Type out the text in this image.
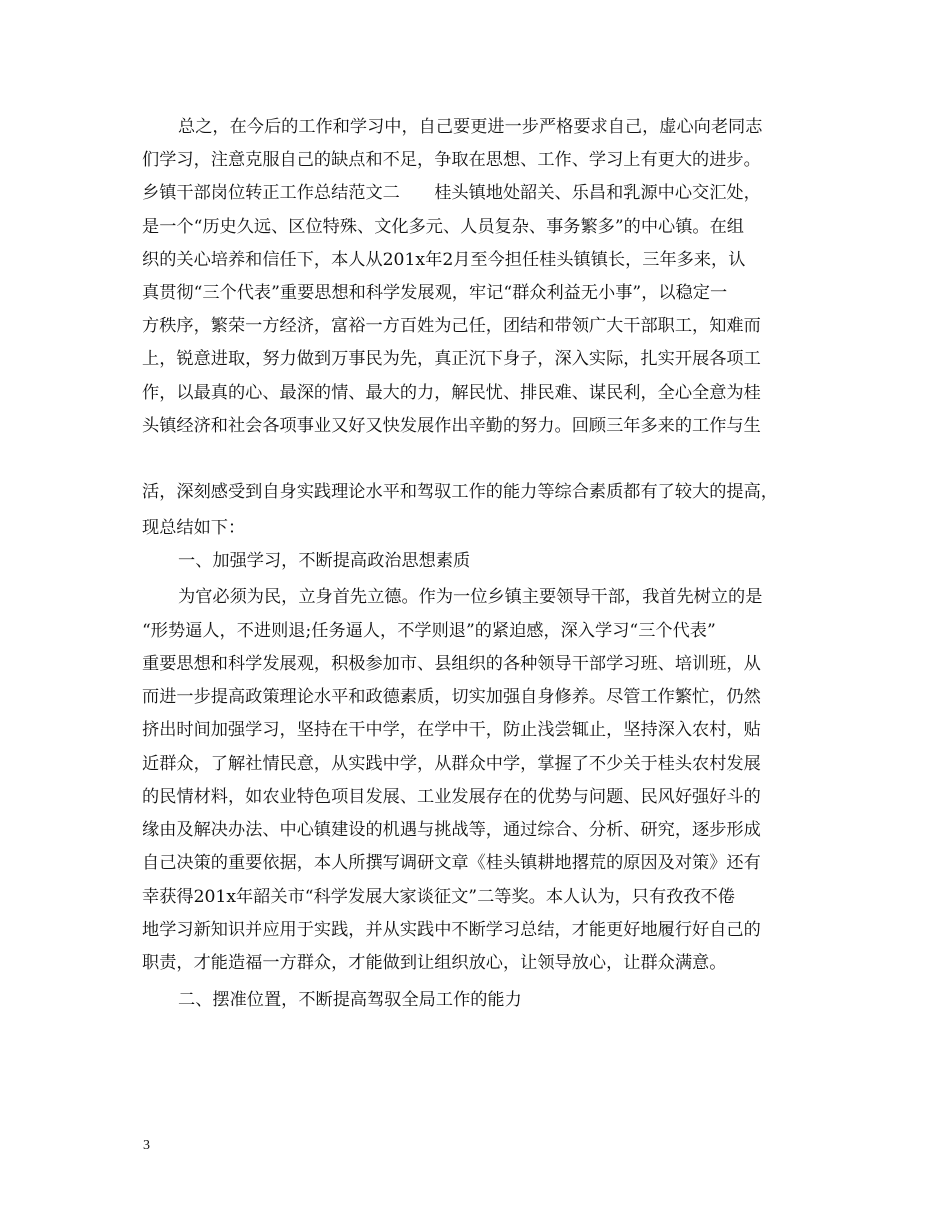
总之，在今后的工作和学习中，自己要更进一步严格要求自己，虚心向老同志
们学习，注意克服自己的缺点和不足，争取在思想、工作、学习上有更大的进步。
乡镇干部岗位转正工作总结范文二　　桂头镇地处韶关、乐昌和乳源中心交汇处，
是一个“历史久远、区位特殊、文化多元、人员复杂、事务繁多”的中心镇。在组
织的关心培养和信任下，本人从201x年2月至今担任桂头镇镇长，三年多来，认
真贯彻“三个代表”重要思想和科学发展观，牢记“群众利益无小事”，以稳定一
方秩序，繁荣一方经济，富裕一方百姓为己任，团结和带领广大干部职工，知难而
上，锐意进取，努力做到万事民为先，真正沉下身子，深入实际，扎实开展各项工
作，以最真的心、最深的情、最大的力，解民忧、排民难、谋民利，全心全意为桂
头镇经济和社会各项事业又好又快发展作出辛勤的努力。回顾三年多来的工作与生
活，深刻感受到自身实践理论水平和驾驭工作的能力等综合素质都有了较大的提高，
现总结如下：
一、加强学习，不断提高政治思想素质
为官必须为民，立身首先立德。作为一位乡镇主要领导干部，我首先树立的是
“形势逼人，不进则退;任务逼人，不学则退”的紧迫感，深入学习“三个代表”
重要思想和科学发展观，积极参加市、县组织的各种领导干部学习班、培训班，从
而进一步提高政策理论水平和政德素质，切实加强自身修养。尽管工作繁忙，仍然
挤出时间加强学习，坚持在干中学，在学中干，防止浅尝辄止，坚持深入农村，贴
近群众，了解社情民意，从实践中学，从群众中学，掌握了不少关于桂头农村发展
的民情材料，如农业特色项目发展、工业发展存在的优势与问题、民风好强好斗的
缘由及解决办法、中心镇建设的机遇与挑战等，通过综合、分析、研究，逐步形成
自己决策的重要依据，本人所撰写调研文章《桂头镇耕地撂荒的原因及对策》还有
幸获得201x年韶关市“科学发展大家谈征文”二等奖。本人认为，只有孜孜不倦
地学习新知识并应用于实践，并从实践中不断学习总结，才能更好地履行好自己的
职责，才能造福一方群众，才能做到让组织放心，让领导放心，让群众满意。
二、摆准位置，不断提高驾驭全局工作的能力
3
